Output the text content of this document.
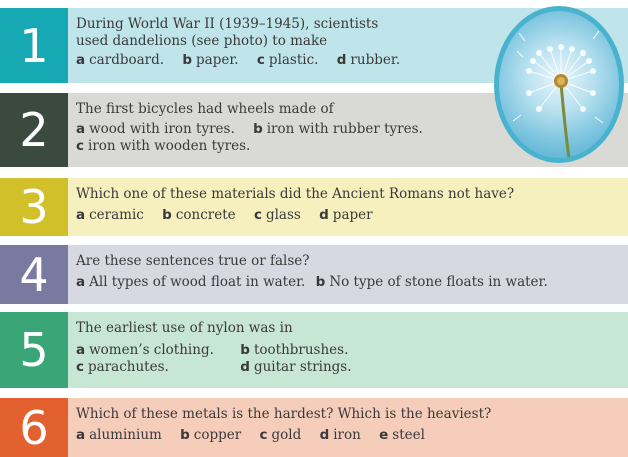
1	During World War II (1939–1945), scientists
used dandelions (see photo) to make
a cardboard. b paper. c plastic. d rubber.
2	The first bicycles had wheels made of
a wood with iron tyres. b iron with rubber tyres.
c iron with wooden tyres.
3	Which one of these materials did the Ancient Romans not have?
a ceramic b concrete c glass d paper
4	Are these sentences true or false?
a All types of wood float in water. b No type of stone floats in water.
5	The earliest use of nylon was in
a women’s clothing. b toothbrushes.
c parachutes.	d guitar strings.
6	Which of these metals is the hardest? Which is the heaviest?
a aluminium b copper c gold d iron e steel
